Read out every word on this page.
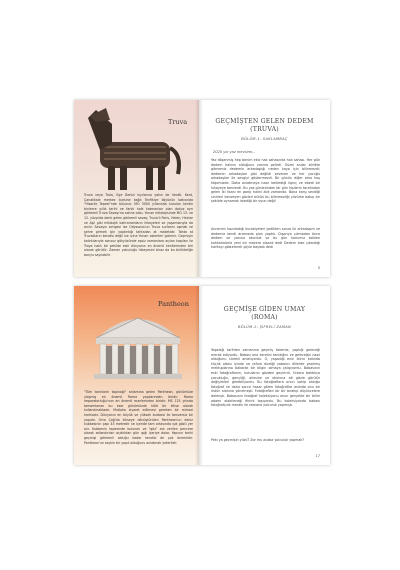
Truva
Truva veya Troia, Ege Denizi kıyılarına yakın bir kentti. Kent, Çanakkale merkez ilçesine bağlı Tevfikiye köyünün batısında "Hisarlık Tepesi"nde bulunur. MÖ 3000 yıllarında kurulan kentin binlerce yıllık tarihi ve farklı halk katmanları olan dokuz ayrı görkemli Truva Savaşı'na sahne oldu. Yunan mitolojisinde MÖ 13. ve 12. yüzyılda denk gelen görkemli savaş; Truva'lı Paris, Helen, Hector ve Aşil gibi mitolojik kahramanların hikayeleri ve yaşamlarıyla da anılır. Savaşın simgesi ise Odysseus'un Truva surlarını aşmak ve şehre girmek için yaptırdığı tahtadan at maketidir. Tahta at Truvalıların kendisi değil ise içine Yunan askerleri gizlenir. Geçmişin kalıntılarıyla sonsuz gökyüzünde eşsiz zamanlara açılan kapıları ile Troya haklı bir şekilde eski dünyanın en önemli kentlerinden biri olarak görülür. Zaman yolculuğu hikayesini biraz da bu birlikteliğe borçlu sayılabilir.
GEÇMİŞTEN GELEN DEDEM
(TRUVA)
BÖLÜM-1: SAKLAMBAÇ
2020 yılı yaz mevsimi...
Yaz döşenmiş hep benim ekiz halı sahasında halı sahası. Her gün dedem halının olduğunu yanına gelirdi. Güzel anılar birlikte gitmemiz dedemin arkadaşlığı neden kaya için bilinmezdi; dedemin arkadaşları gibi değildi sevecen ve her çocuğu arkadaşları ile sevgiyi göstermezdi. Bir günün diğer ama hoş köşemizde. Daha anlatmaya hazır beklediği ilginç ve ebedi bir hikayeye benzerdi. Bu yaz günlerinden bir gün kişilerin tarafından gelen iki lisanı en garip halini aldı zamanda. Bana karşı sevdiği sinirleri benzeyen gözleri bütün bu bilinmezliği yüzüme bakıp bir şekilde oynamak istediği bir oyun değil
Annemin hazırladığı kurabiyeleri yedikten sonra iki arkadaşım ve dedemiz kendi aramızda plan yaptık. Dışarıya çıkmadan önce dedem ve yanına oturduk ve bu gün karnımız tokken kahkahalarla yeni bir macera olacak dedi Dedem bize çıkardığı haritayı göstererek şöyle başladı dedi
5
Pantheon
"Tüm tanrıların tapınağı" anlamına gelen Pantheon, günümüze ulaşmış en önemli Roma yapılarından biridir. Roma İmparatorluğu'nun en önemli eserlerinden biridir. MS 125 yılında tamamlanan bu eser günümüzde hâlâ bir kilise olarak kullanılmaktadır. Mutlaka ziyaret edilmesi gereken bir mimari harikadır. Dünyanın en büyük ve yüksek kubbesi ile benzersiz bir yapıdır. Orta Çağ'da kiliseye dönüştürülen Pantheon'un deniz kubbesinin çapı 43 metredir ve içeride tam ortasında ışık gözü yer alır. Kubbenin tepesinde bulunan ve "göz" adı verilen pencere olarak adlandırılan açıklıktan gün ışığı içeriye dolar. Yapının tarihi geçmişi görkemli olduğu kadar kendisi de çok önemlidir. Pantheon'un seçkin bir yapıt olduğunu anlatmak yeterlidir.
GEÇMİŞE GİDEN UMAY
(ROMA)
BÖLÜM-1: ŞİFRELİ ZAMAN
Yaşadığı tarihten zamanına geçmiş özlemle, yaptığı geleceği merak ediyordu. Babası ona kendini tanıdığını ve geleceğin nasıl olduğunu sürekli anlatıyordu. O, yaşadığı evin ikinci katında küçük odası içinde ve rafına dizdiği yabancı dillerde yazılmış mektuplarına bakarak bir bilgin olmaya çalışıyordu. Babasının eski fotoğraflarını, kutularını gözden geçirirdi. Onlara baktıkça çocukluğu, gençliği, ailesine ve okuluna ait gözle görülür değişimleri görebiliyordu. Bu fotoğraflara onun sahip olduğu fotoğraf ve daha sonra hasar gören fotoğraflar aslında onu bir üstün alanına yönelmişti. Fotoğrafları bir bir bırakıp düşüncelere dalmıştı. Babasının fotoğraf koleksiyonu onun gerçekte bir bilim adamı olabileceği fikrini taşıyordu. Bu koleksiyonda babası fotoğrafçılık merakı ile zamana yolculuk yapmıştı.
Peki ya geçmişin yüzü? Zor mu acaba yolculuk yapmak?
17
